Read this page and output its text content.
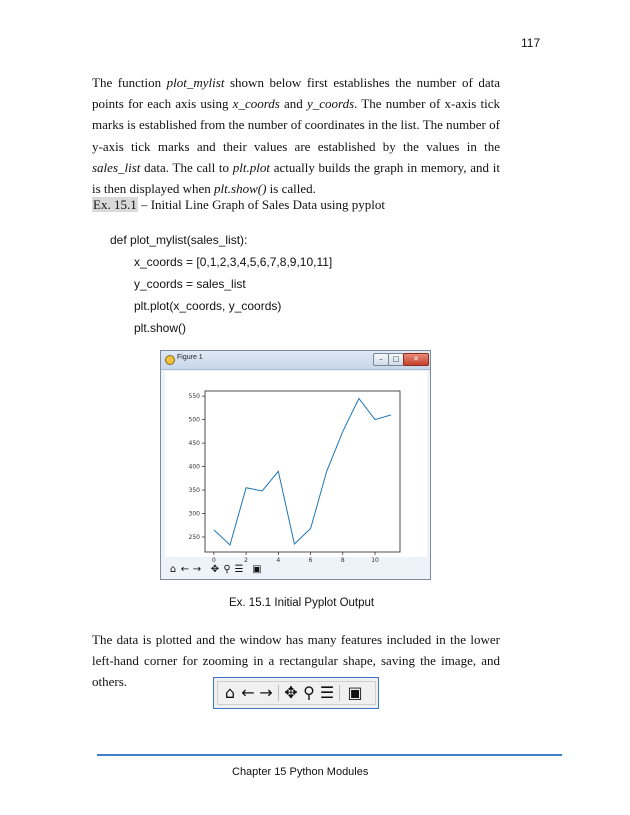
117

The function plot_mylist shown below first establishes the number of data points for each axis using x_coords and y_coords. The number of x-axis tick marks is established from the number of coordinates in the list. The number of y-axis tick marks and their values are established by the values in the sales_list data. The call to plt.plot actually builds the graph in memory, and it is then displayed when plt.show() is called.

Ex. 15.1 – Initial Line Graph of Sales Data using pyplot
def plot_mylist(sales_list):
x_coords = [0,1,2,3,4,5,6,7,8,9,10,11]
y_coords = sales_list
plt.plot(x_coords, y_coords)
plt.show()
Figure 1	–	□	✕
250
300
350
400
450
500
550
0	2	4	6	8	10
⌂ ← → ✥ ⚲ ☰ ▣
Ex. 15.1 Initial Pyplot Output

The data is plotted and the window has many features included in the lower left-hand corner for zooming in a rectangular shape, saving the image, and others.

⌂ ← → ✥ ⚲ ☰ ▣
Chapter 15 Python Modules
